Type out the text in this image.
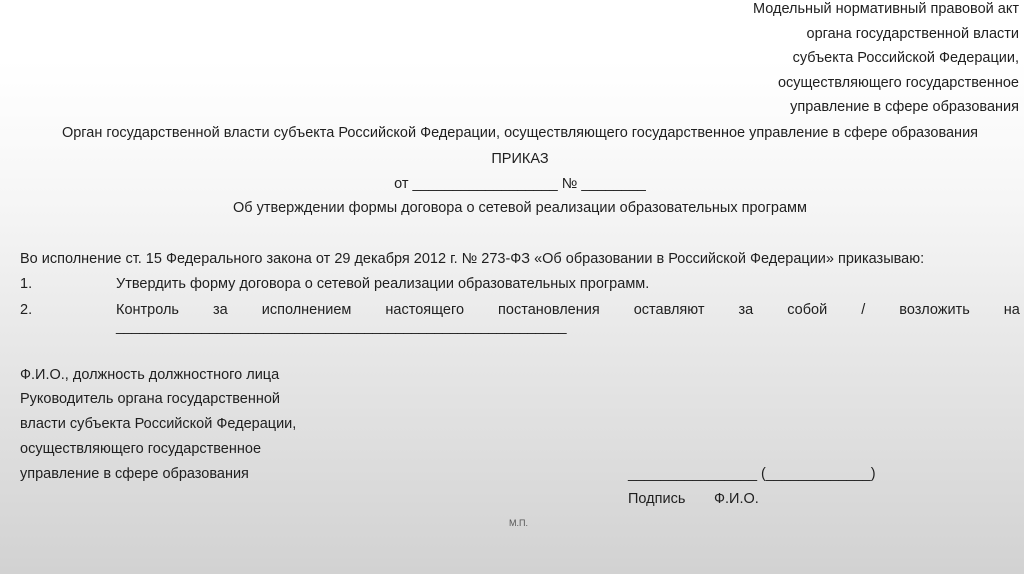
Модельный нормативный правовой акт
органа государственной власти
субъекта Российской Федерации,
осуществляющего государственное
управление в сфере образования
Орган государственной власти субъекта Российской Федерации, осуществляющего государственное управление в сфере образования
ПРИКАЗ
от __________________ № ________
Об утверждении формы договора о сетевой реализации образовательных программ
Во исполнение ст. 15 Федерального закона от 29 декабря 2012 г. № 273-ФЗ «Об образовании в Российской Федерации» приказываю:
1.	Утвердить форму договора о сетевой реализации образовательных программ.
2.	Контроль за исполнением настоящего постановления оставляют за собой / возложить на
__________________________________________________________
Ф.И.О., должность должностного лица
Руководитель органа государственной
власти субъекта Российской Федерации,
осуществляющего государственное
управление в сфере образования	________________ (_____________)
Подпись Ф.И.О.
М.П.
